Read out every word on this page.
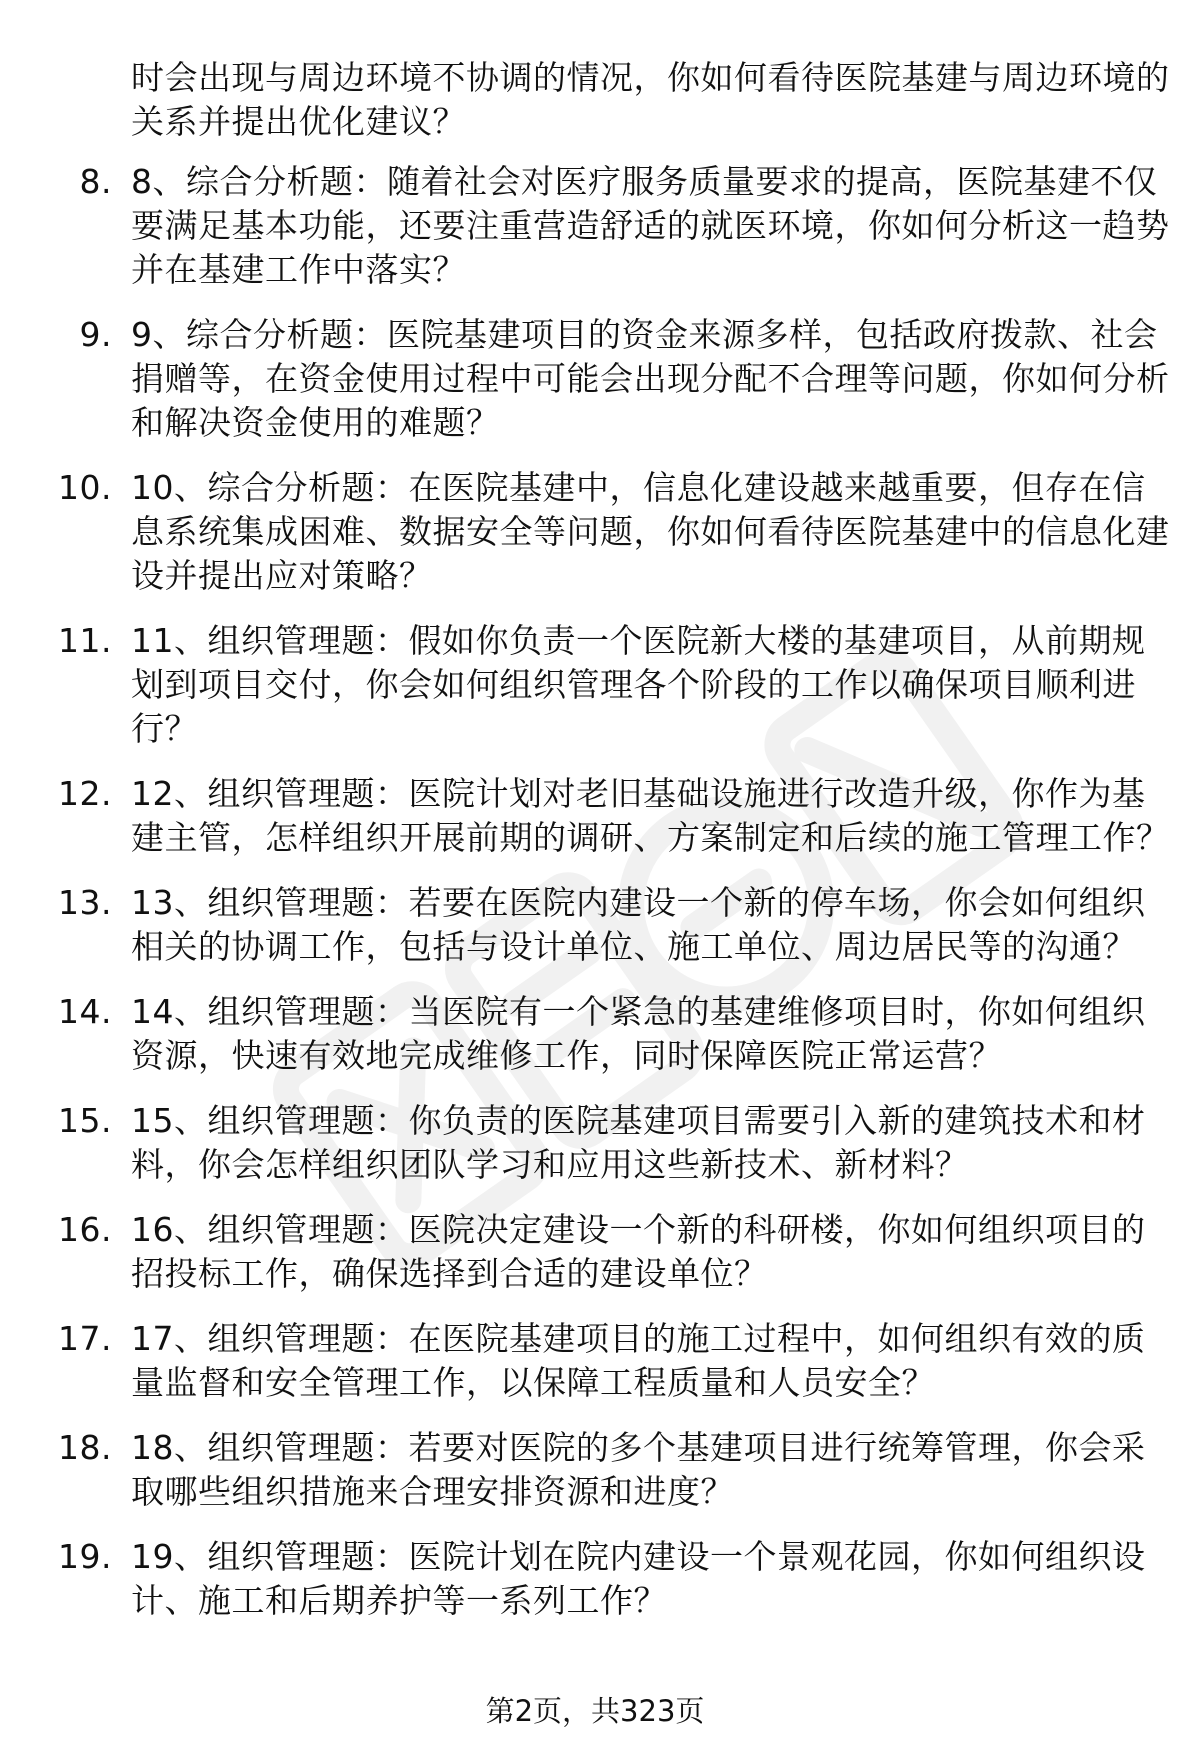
时会出现与周边环境不协调的情况，你如何看待医院基建与周边环境的关系并提出优化建议？
8. 8、综合分析题：随着社会对医疗服务质量要求的提高，医院基建不仅要满足基本功能，还要注重营造舒适的就医环境，你如何分析这一趋势并在基建工作中落实？
9. 9、综合分析题：医院基建项目的资金来源多样，包括政府拨款、社会捐赠等，在资金使用过程中可能会出现分配不合理等问题，你如何分析和解决资金使用的难题？
10. 10、综合分析题：在医院基建中，信息化建设越来越重要，但存在信息系统集成困难、数据安全等问题，你如何看待医院基建中的信息化建设并提出应对策略？
11. 11、组织管理题：假如你负责一个医院新大楼的基建项目，从前期规划到项目交付，你会如何组织管理各个阶段的工作以确保项目顺利进行？
12. 12、组织管理题：医院计划对老旧基础设施进行改造升级，你作为基建主管，怎样组织开展前期的调研、方案制定和后续的施工管理工作？
13. 13、组织管理题：若要在医院内建设一个新的停车场，你会如何组织相关的协调工作，包括与设计单位、施工单位、周边居民等的沟通？
14. 14、组织管理题：当医院有一个紧急的基建维修项目时，你如何组织资源，快速有效地完成维修工作，同时保障医院正常运营？
15. 15、组织管理题：你负责的医院基建项目需要引入新的建筑技术和材料，你会怎样组织团队学习和应用这些新技术、新材料？
16. 16、组织管理题：医院决定建设一个新的科研楼，你如何组织项目的招投标工作，确保选择到合适的建设单位？
17. 17、组织管理题：在医院基建项目的施工过程中，如何组织有效的质量监督和安全管理工作，以保障工程质量和人员安全？
18. 18、组织管理题：若要对医院的多个基建项目进行统筹管理，你会采取哪些组织措施来合理安排资源和进度？
19. 19、组织管理题：医院计划在院内建设一个景观花园，你如何组织设计、施工和后期养护等一系列工作？
第2页，共323页
